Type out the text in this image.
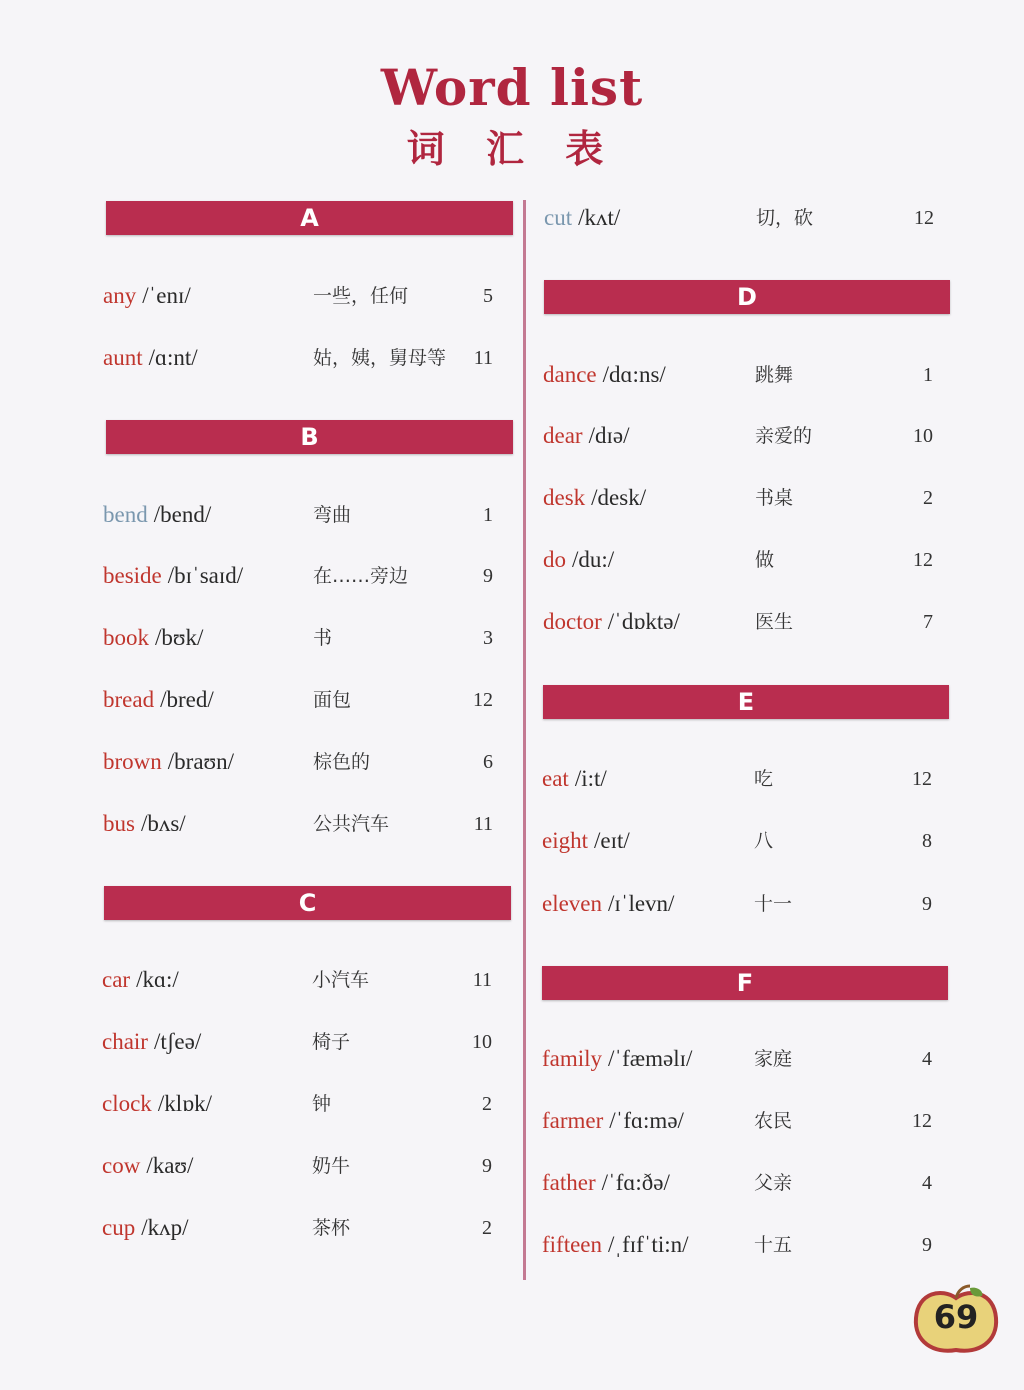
Word list
词 汇 表
A
any /ˈenɪ/	一些，任何	5
aunt /ɑ:nt/	姑，姨，舅母等	11
B
bend /bend/	弯曲	1
beside /bɪˈsaɪd/	在……旁边	9
book /bʊk/	书	3
bread /bred/	面包	12
brown /braʊn/	棕色的	6
bus /bʌs/	公共汽车	11
C
car /kɑ:/	小汽车	11
chair /tʃeə/	椅子	10
clock /klɒk/	钟	2
cow /kaʊ/	奶牛	9
cup /kʌp/	茶杯	2
cut /kʌt/	切，砍	12
D
dance /dɑ:ns/	跳舞	1
dear /dɪə/	亲爱的	10
desk /desk/	书桌	2
do /du:/	做	12
doctor /ˈdɒktə/	医生	7
E
eat /i:t/	吃	12
eight /eɪt/	八	8
eleven /ɪˈlevn/	十一	9
F
family /ˈfæməlɪ/	家庭	4
farmer /ˈfɑ:mə/	农民	12
father /ˈfɑ:ðə/	父亲	4
fifteen /ˌfɪfˈti:n/	十五	9
69
